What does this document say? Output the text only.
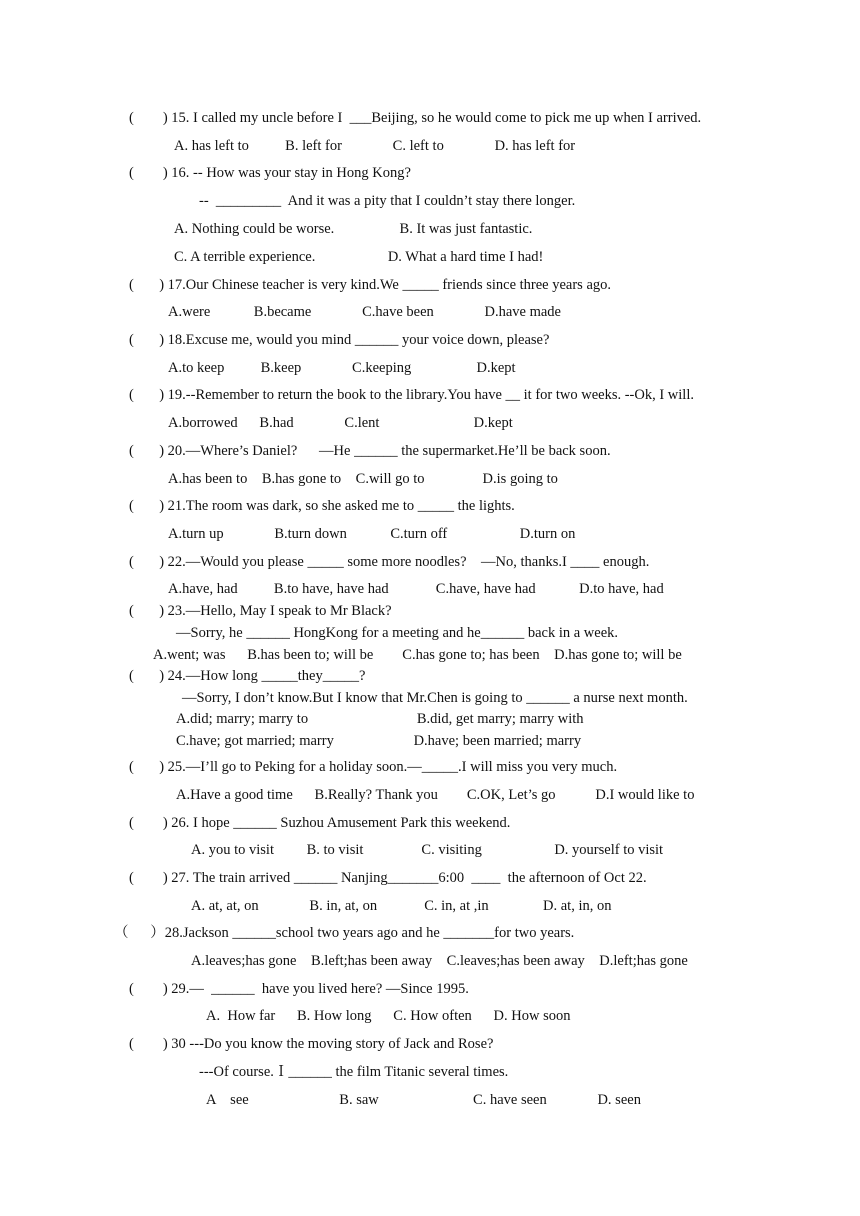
(        ) 15. I called my uncle before I  ___Beijing, so he would come to pick me up when I arrived.
A. has left to          B. left for              C. left to              D. has left for
(        ) 16. -- How was your stay in Hong Kong?
--  _________  And it was a pity that I couldn’t stay there longer.
A. Nothing could be worse.                  B. It was just fantastic.
C. A terrible experience.                    D. What a hard time I had!
(       ) 17.Our Chinese teacher is very kind.We _____ friends since three years ago.
A.were            B.became              C.have been              D.have made
(       ) 18.Excuse me, would you mind ______ your voice down, please?
A.to keep          B.keep              C.keeping                  D.kept
(       ) 19.--Remember to return the book to the library.You have __ it for two weeks. --Ok, I will.
A.borrowed      B.had              C.lent                          D.kept
(       ) 20.—Where’s Daniel?      —He ______ the supermarket.He’ll be back soon.
A.has been to    B.has gone to    C.will go to                D.is going to
(       ) 21.The room was dark, so she asked me to _____ the lights.
A.turn up              B.turn down            C.turn off                    D.turn on
(       ) 22.—Would you please _____ some more noodles?    —No, thanks.I ____ enough.
A.have, had          B.to have, have had             C.have, have had            D.to have, had
(       ) 23.—Hello, May I speak to Mr Black?
—Sorry, he ______ HongKong for a meeting and he______ back in a week.
A.went; was      B.has been to; will be        C.has gone to; has been    D.has gone to; will be
(       ) 24.—How long _____they_____?
—Sorry, I don’t know.But I know that Mr.Chen is going to ______ a nurse next month.
A.did; marry; marry to                              B.did, get marry; marry with
C.have; got married; marry                      D.have; been married; marry
(       ) 25.—I’ll go to Peking for a holiday soon.—_____.I will miss you very much.
A.Have a good time      B.Really? Thank you        C.OK, Let’s go           D.I would like to
(        ) 26. I hope ______ Suzhou Amusement Park this weekend.
A. you to visit         B. to visit                C. visiting                    D. yourself to visit
(        ) 27. The train arrived ______ Nanjing_______6:00  ____  the afternoon of Oct 22.
A. at, at, on              B. in, at, on             C. in, at ,in               D. at, in, on
（      ）28.Jackson ______school two years ago and he _______for two years.
A.leaves;has gone    B.left;has been away    C.leaves;has been away    D.left;has gone
(        ) 29.—  ______  have you lived here? —Since 1995.
A.  How far      B. How long      C. How often      D. How soon
(        ) 30 ---Do you know the moving story of Jack and Rose?
---Of course.Ｉ______ the film Titanic several times.
A    see                         B. saw                          C. have seen              D. seen
